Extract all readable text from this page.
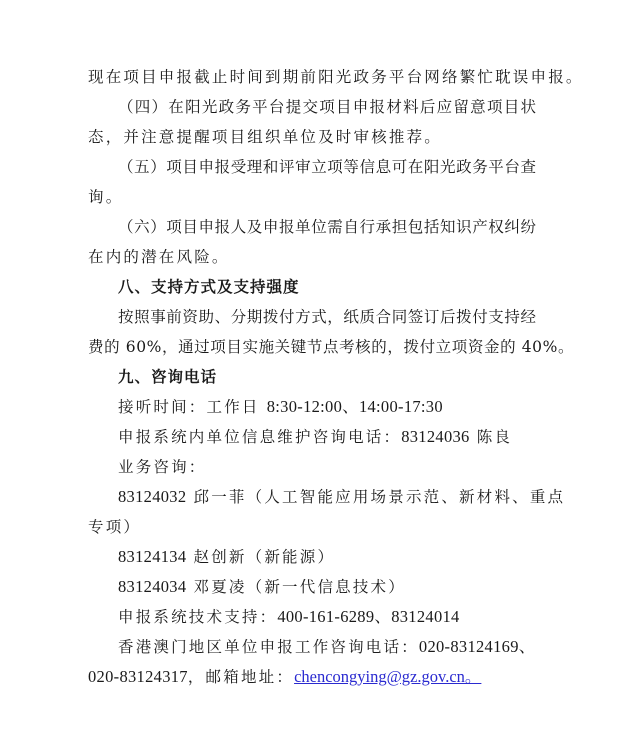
现在项目申报截止时间到期前阳光政务平台网络繁忙耽误申报。
（四）在阳光政务平台提交项目申报材料后应留意项目状
态，并注意提醒项目组织单位及时审核推荐。
（五）项目申报受理和评审立项等信息可在阳光政务平台查
询。
（六）项目申报人及申报单位需自行承担包括知识产权纠纷
在内的潜在风险。
八、支持方式及支持强度
按照事前资助、分期拨付方式，纸质合同签订后拨付支持经
费的 60%，通过项目实施关键节点考核的，拨付立项资金的 40%。
九、咨询电话
接听时间：工作日 8:30-12:00、14:00-17:30
申报系统内单位信息维护咨询电话：83124036 陈良
业务咨询：
83124032 邱一菲（人工智能应用场景示范、新材料、重点
专项）
83124134 赵创新（新能源）
83124034 邓夏凌（新一代信息技术）
申报系统技术支持：400-161-6289、83124014
香港澳门地区单位申报工作咨询电话：020-83124169、
020-83124317，邮箱地址：chencongying@gz.gov.cn。
